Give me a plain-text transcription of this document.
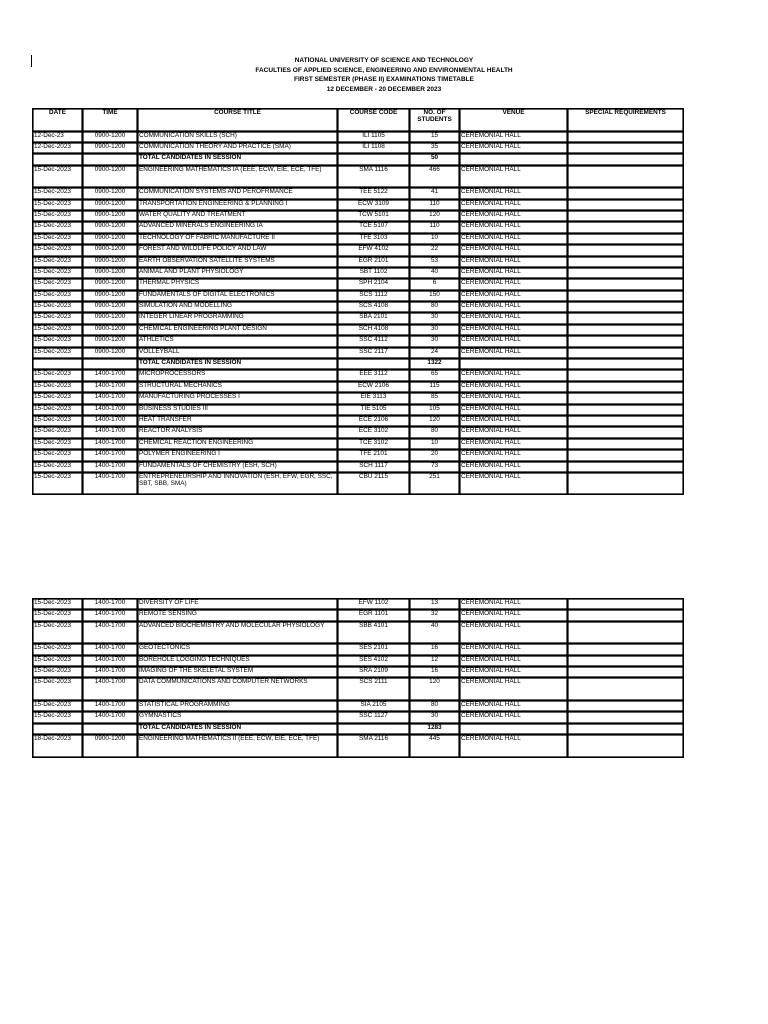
NATIONAL UNIVERSITY OF SCIENCE AND TECHNOLOGY
FACULTIES OF APPLIED SCIENCE, ENGINEERING AND ENVIRONMENTAL HEALTH
FIRST SEMESTER (PHASE II) EXAMINATIONS TIMETABLE
12 DECEMBER - 20 DECEMBER 2023
DATE	TIME	COURSE TITLE	COURSE CODE	NO. OF STUDENTS	VENUE	SPECIAL REQUIREMENTS
12-Dec-23	0900-1200	COMMUNICATION SKILLS (SCH)	ILI 1105	15	CEREMONIAL HALL	
12-Dec-2023	0900-1200	COMMUNICATION THEORY AND PRACTICE (SMA)	ILI 1108	35	CEREMONIAL HALL	
		TOTAL CANDIDATES IN SESSION		50		
15-Dec-2023	0900-1200	ENGINEERING MATHEMATICS IA (EEE, ECW, EIE, ECE, TFE)	SMA 1116	466	CEREMONIAL HALL	
15-Dec-2023	0900-1200	COMMUNICATION SYSTEMS AND PEROFRMANCE	TEE 5122	41	CEREMONIAL HALL	
15-Dec-2023	0900-1200	TRANSPORTATION ENGINEERING & PLANNING I	ECW 3109	110	CEREMONIAL HALL	
15-Dec-2023	0900-1200	WATER QUALITY AND TREATMENT	TCW 5101	120	CEREMONIAL HALL	
15-Dec-2023	0900-1200	ADVANCED MINERALS ENGINEERING IA	TCE 5107	110	CEREMONIAL HALL	
15-Dec-2023	0900-1200	TECHNOLOGY OF FABRIC MANUFACTURE II	TFE 3103	10	CEREMONIAL HALL	
15-Dec-2023	0900-1200	FOREST AND WILDLIFE POLICY AND LAW	EFW 4102	22	CEREMONIAL HALL	
15-Dec-2023	0900-1200	EARTH OBSERVATION SATELLITE SYSTEMS	EGR 2101	53	CEREMONIAL HALL	
15-Dec-2023	0900-1200	ANIMAL AND PLANT PHYSIOLOGY	SBT 1102	40	CEREMONIAL HALL	
15-Dec-2023	0900-1200	THERMAL PHYSICS	SPH 2104	6	CEREMONIAL HALL	
15-Dec-2023	0900-1200	FUNDAMENTALS OF DIGITAL ELECTRONICS	SCS 1112	150	CEREMONIAL HALL	
15-Dec-2023	0900-1200	SIMULATION AND MODELLING	SCS 4108	80	CEREMONIAL HALL	
15-Dec-2023	0900-1200	INTEGER LINEAR PROGRAMMING	SBA 2101	30	CEREMONIAL HALL	
15-Dec-2023	0900-1200	CHEMICAL ENGINEERING PLANT DESIGN	SCH 4108	30	CEREMONIAL HALL	
15-Dec-2023	0900-1200	ATHLETICS	SSC 4112	30	CEREMONIAL HALL	
15-Dec-2023	0900-1200	VOLLEYBALL	SSC 2117	24	CEREMONIAL HALL	
		TOTAL CANDIDATES IN SESSION		1322		
15-Dec-2023	1400-1700	MICROPROCESSORS	EEE 3112	65	CEREMONIAL HALL	
15-Dec-2023	1400-1700	STRUCTURAL MECHANICS	ECW 2106	115	CEREMONIAL HALL	
15-Dec-2023	1400-1700	MANUFACTURING PROCESSES I	EIE 3113	85	CEREMONIAL HALL	
15-Dec-2023	1400-1700	BUSINESS STUDIES III	TIE 5105	105	CEREMONIAL HALL	
15-Dec-2023	1400-1700	HEAT TRANSFER	ECE 2106	120	CEREMONIAL HALL	
15-Dec-2023	1400-1700	REACTOR ANALYSIS	ECE 3102	80	CEREMONIAL HALL	
15-Dec-2023	1400-1700	CHEMICAL REACTION ENGINEERING	TCE 3102	10	CEREMONIAL HALL	
15-Dec-2023	1400-1700	POLYMER ENGINEERING I	TFE 2101	20	CEREMONIAL HALL	
15-Dec-2023	1400-1700	FUNDAMENTALS OF CHEMISTRY (ESH, SCH)	SCH 1117	73	CEREMONIAL HALL	
15-Dec-2023	1400-1700	ENTREPRENEURSHIP AND INNOVATION (ESH, EFW, EGR, SSC, SBT, SBB, SMA)	CBU 2115	251	CEREMONIAL HALL	
15-Dec-2023	1400-1700	DIVERSITY OF LIFE	EFW 1102	13	CEREMONIAL HALL	
15-Dec-2023	1400-1700	REMOTE SENSING	EGR 1101	32	CEREMONIAL HALL	
15-Dec-2023	1400-1700	ADVANCED BIOCHEMISTRY AND MOLECULAR PHYSIOLOGY	SBB 4101	40	CEREMONIAL HALL	
15-Dec-2023	1400-1700	GEOTECTONICS	SES 2101	16	CEREMONIAL HALL	
15-Dec-2023	1400-1700	BOREHOLE LOGGING TECHNIQUES	SES 4102	12	CEREMONIAL HALL	
15-Dec-2023	1400-1700	IMAGING OF THE SKELETAL SYSTEM	SRA 2109	16	CEREMONIAL HALL	
15-Dec-2023	1400-1700	DATA COMMUNICATIONS AND COMPUTER NETWORKS	SCS 2111	120	CEREMONIAL HALL	
15-Dec-2023	1400-1700	STATISTICAL PROGRAMMING	SIA 2105	80	CEREMONIAL HALL	
15-Dec-2023	1400-1700	GYMNASTICS	SSC 1127	30	CEREMONIAL HALL	
		TOTAL CANDIDATES IN SESSION		1283		
18-Dec-2023	0900-1200	ENGINEERING MATHEMATICS II (EEE, ECW, EIE, ECE, TFE)	SMA 2116	445	CEREMONIAL HALL	
